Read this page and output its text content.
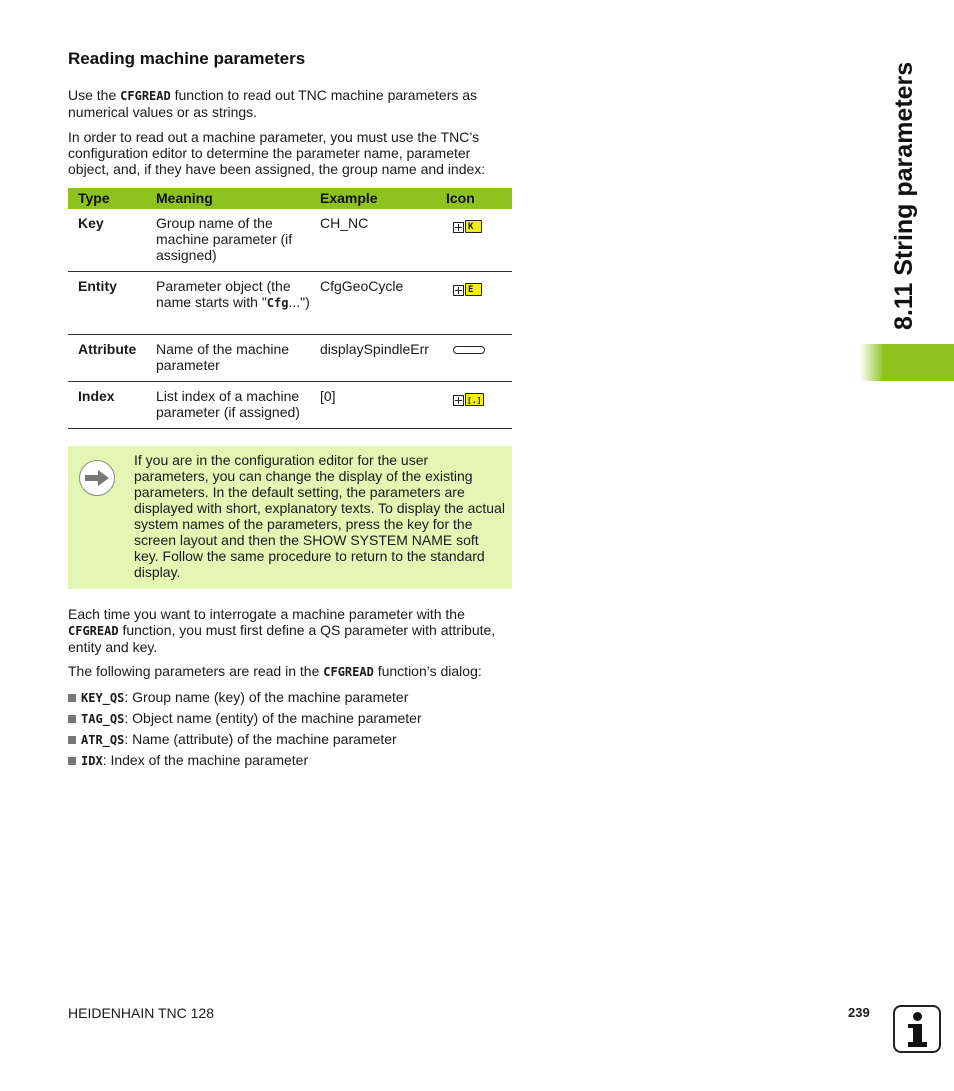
Reading machine parameters

Use the CFGREAD function to read out TNC machine parameters as numerical values or as strings.

In order to read out a machine parameter, you must use the TNC’s configuration editor to determine the parameter name, parameter object, and, if they have been assigned, the group name and index:

Type	Meaning	Example	Icon
Key	Group name of the machine parameter (if assigned)	CH_NC	K

Entity	Parameter object (the name starts with "Cfg...")	CfgGeoCycle	E

Attribute	Name of the machine parameter	displaySpindleErr	
Index	List index of a machine parameter (if assigned)	[0]	[.]

If you are in the configuration editor for the user parameters, you can change the display of the existing parameters. In the default setting, the parameters are displayed with short, explanatory texts. To display the actual system names of the parameters, press the key for the screen layout and then the SHOW SYSTEM NAME soft key. Follow the same procedure to return to the standard display.

Each time you want to interrogate a machine parameter with the CFGREAD function, you must first define a QS parameter with attribute, entity and key.

The following parameters are read in the CFGREAD function’s dialog:

KEY_QS: Group name (key) of the machine parameter
TAG_QS: Object name (entity) of the machine parameter
ATR_QS: Name (attribute) of the machine parameter
IDX: Index of the machine parameter
8.11 String parameters
HEIDENHAIN TNC 128	239
